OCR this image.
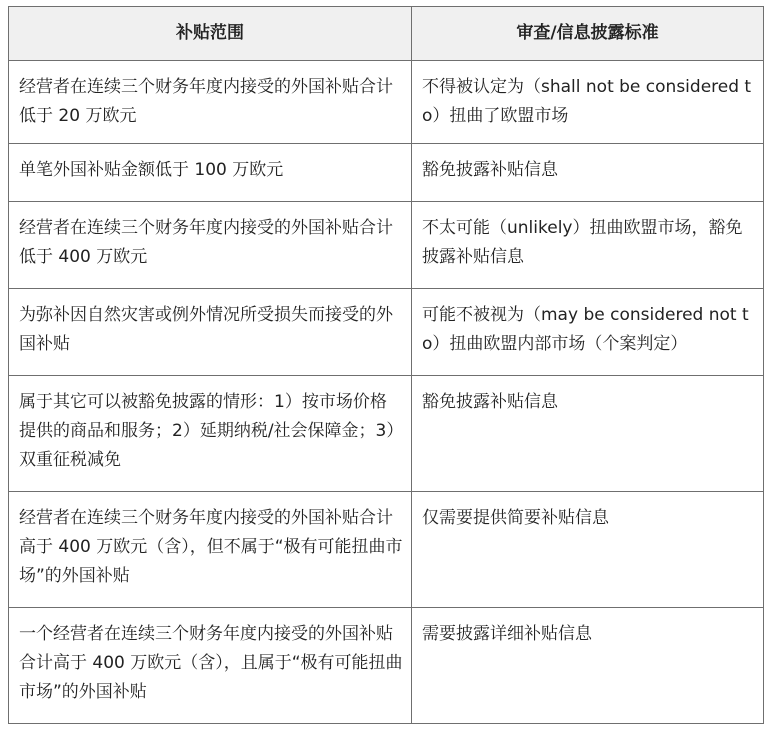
补贴范围	审查/信息披露标准
经营者在连续三个财务年度内接受的外国补贴合计低于 20 万欧元	不得被认定为（shall not be considered to）扭曲了欧盟市场
单笔外国补贴金额低于 100 万欧元	豁免披露补贴信息
经营者在连续三个财务年度内接受的外国补贴合计低于 400 万欧元	不太可能（unlikely）扭曲欧盟市场，豁免披露补贴信息
为弥补因自然灾害或例外情况所受损失而接受的外国补贴	可能不被视为（may be considered not to）扭曲欧盟内部市场（个案判定）
属于其它可以被豁免披露的情形：1）按市场价格提供的商品和服务；2）延期纳税/社会保障金；3）双重征税减免	豁免披露补贴信息
经营者在连续三个财务年度内接受的外国补贴合计高于 400 万欧元（含），但不属于“极有可能扭曲市场”的外国补贴	仅需要提供简要补贴信息
一个经营者在连续三个财务年度内接受的外国补贴合计高于 400 万欧元（含），且属于“极有可能扭曲市场”的外国补贴	需要披露详细补贴信息
